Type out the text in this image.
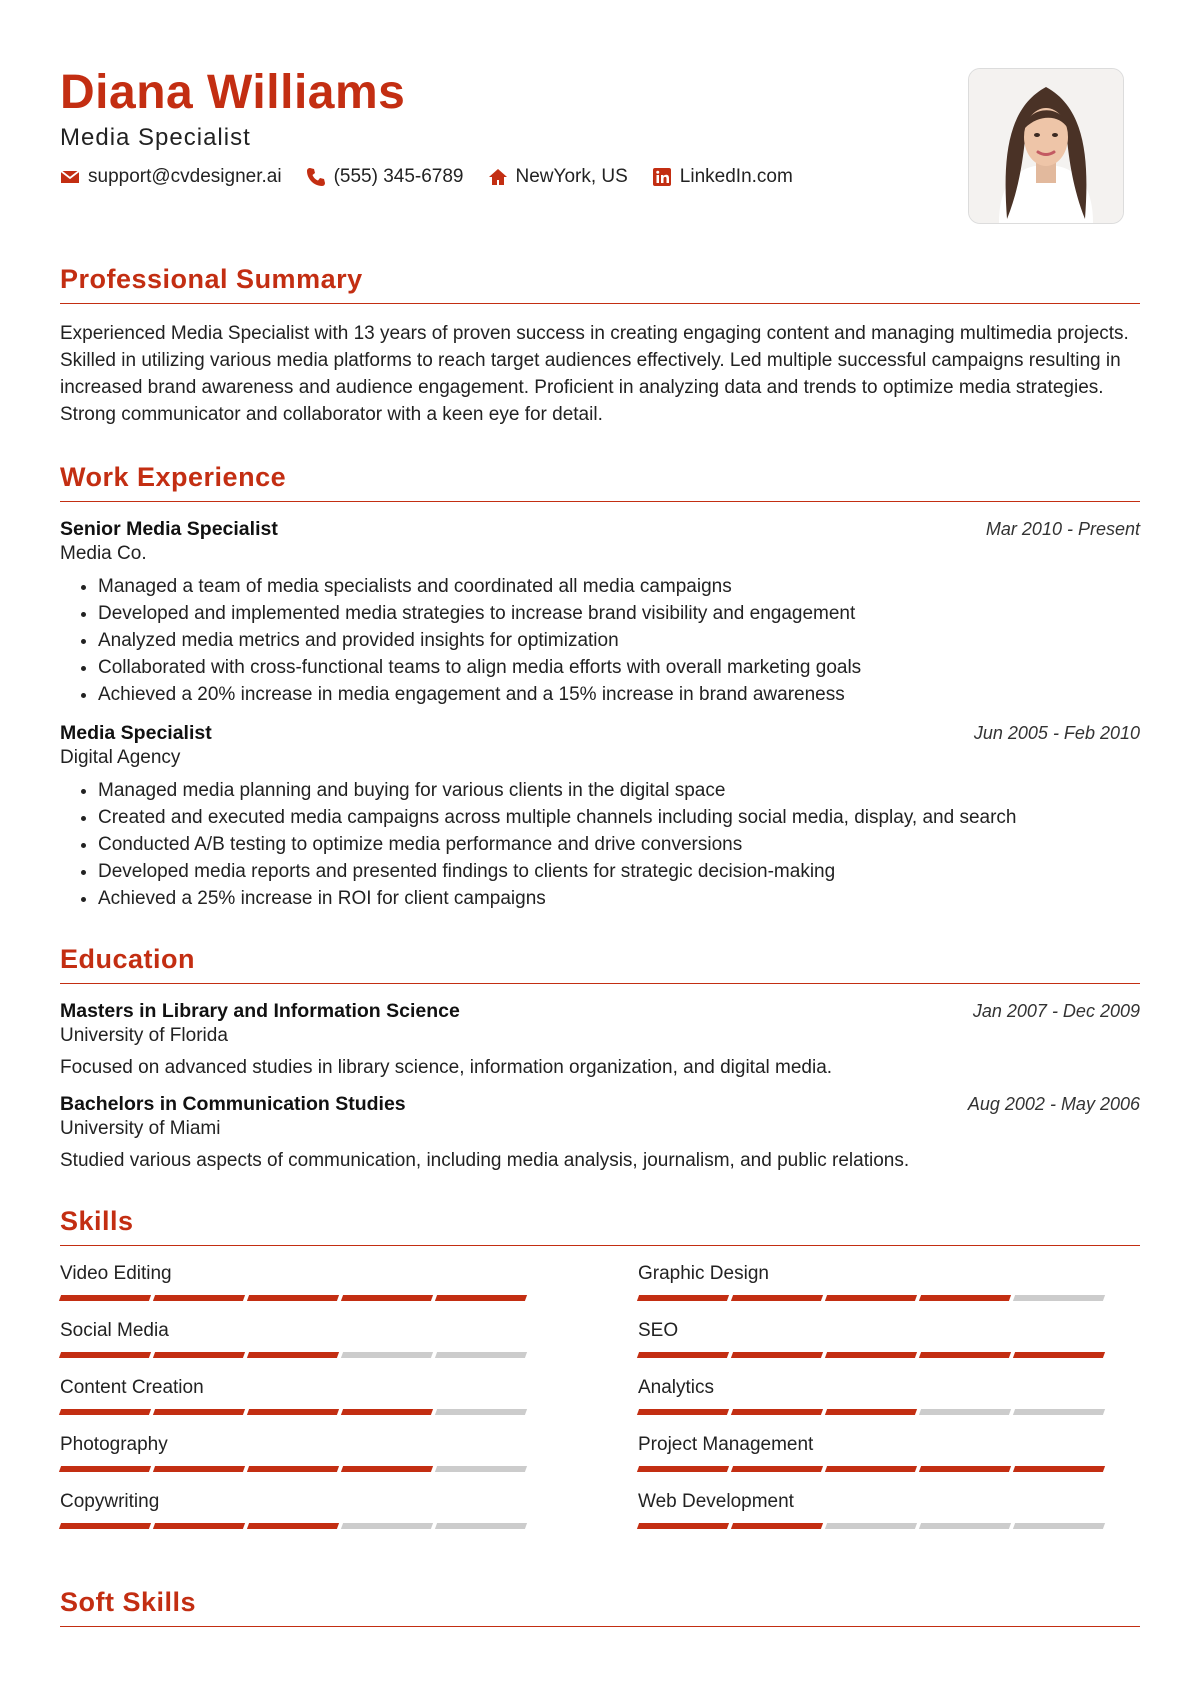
Diana Williams
Media Specialist
support@cvdesigner.ai	(555) 345-6789	NewYork, US	LinkedIn.com
Professional Summary

Experienced Media Specialist with 13 years of proven success in creating engaging content and managing multimedia projects. Skilled in utilizing various media platforms to reach target audiences effectively. Led multiple successful campaigns resulting in increased brand awareness and audience engagement. Proficient in analyzing data and trends to optimize media strategies. Strong communicator and collaborator with a keen eye for detail.

Work Experience
Senior Media Specialist	Mar 2010 - Present
Media Co.
• Managed a team of media specialists and coordinated all media campaigns
• Developed and implemented media strategies to increase brand visibility and engagement
• Analyzed media metrics and provided insights for optimization
• Collaborated with cross-functional teams to align media efforts with overall marketing goals
• Achieved a 20% increase in media engagement and a 15% increase in brand awareness
Media Specialist	Jun 2005 - Feb 2010
Digital Agency
• Managed media planning and buying for various clients in the digital space
• Created and executed media campaigns across multiple channels including social media, display, and search
• Conducted A/B testing to optimize media performance and drive conversions
• Developed media reports and presented findings to clients for strategic decision-making
• Achieved a 25% increase in ROI for client campaigns
Education
Masters in Library and Information Science	Jan 2007 - Dec 2009
University of Florida
Focused on advanced studies in library science, information organization, and digital media.
Bachelors in Communication Studies	Aug 2002 - May 2006
University of Miami
Studied various aspects of communication, including media analysis, journalism, and public relations.
Skills
Video Editing	Graphic Design
Social Media	SEO
Content Creation	Analytics
Photography	Project Management
Copywriting	Web Development
Soft Skills
